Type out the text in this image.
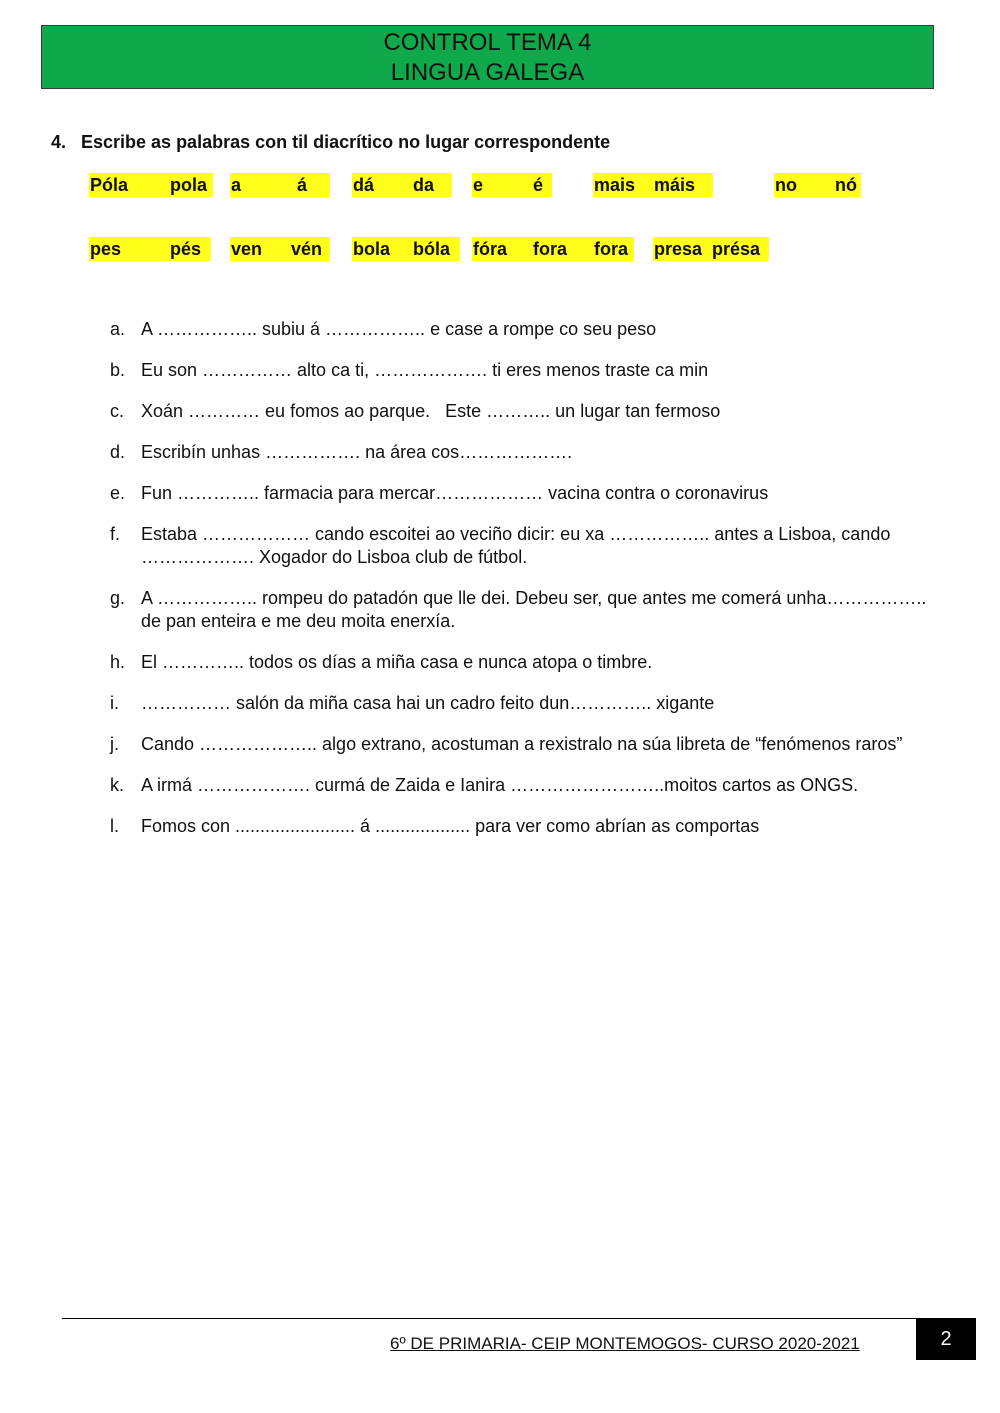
CONTROL TEMA 4
LINGUA GALEGA
4. Escribe as palabras con til diacrítico no lugar correspondente
Póla	pola	a	á	dá	da	e	é	mais	máis	no	nó
pes	pés	ven	vén	bola	bóla	fóra	fora	fora	presa présa
a. A …………….. subiu á …………….. e case a rompe co seu peso
b. Eu son …………… alto ca ti, ………………. ti eres menos traste ca min
c. Xoán ………… eu fomos ao parque.   Este ……….. un lugar tan fermoso
d. Escribín unhas ……………. na área cos……………….
e. Fun ………….. farmacia para mercar……………… vacina contra o coronavirus
f.	Estaba ……………… cando escoitei ao veciño dicir: eu xa …………….. antes a Lisboa, cando ………………. Xogador do Lisboa club de fútbol.
g. A …………….. rompeu do patadón que lle dei. Debeu ser, que antes me comerá unha…………….. de pan enteira e me deu moita enerxía.
h. El ………….. todos os días a miña casa e nunca atopa o timbre.
i.	…………… salón da miña casa hai un cadro feito dun………….. xigante
j.	Cando ……………….. algo extrano, acostuman a rexistralo na súa libreta de “fenómenos raros”
k. A irmá ………………. curmá de Zaida e Ianira ……………………..moitos cartos as ONGS.
l.	Fomos con ........................ á ................... para ver como abrían as comportas
6º DE PRIMARIA- CEIP MONTEMOGOS- CURSO 2020-2021	2
